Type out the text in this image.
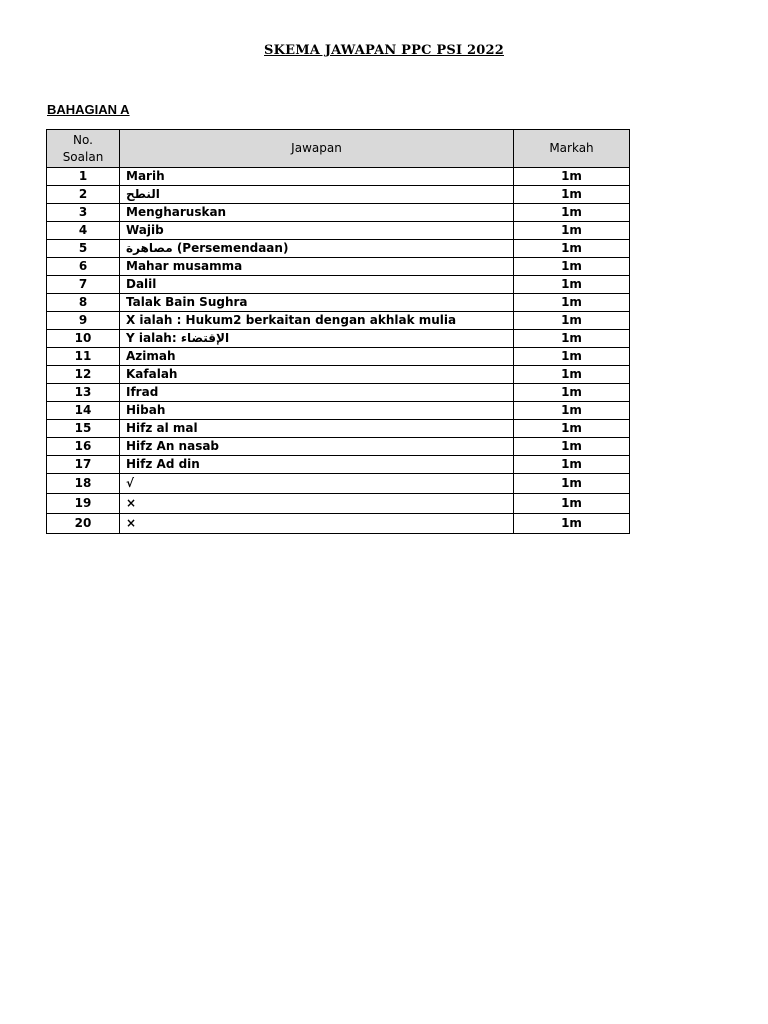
SKEMA JAWAPAN PPC PSI 2022
BAHAGIAN A
No.
Soalan	Jawapan	Markah
1	Marih	1m
2	النطح	1m
3	Mengharuskan	1m
4	Wajib	1m
5	مصاهرة (Persemendaan)	1m
6	Mahar musamma	1m
7	Dalil	1m
8	Talak Bain Sughra	1m
9	X ialah : Hukum2 berkaitan dengan akhlak mulia	1m
10	Y ialah: الإقتضاء	1m
11	Azimah	1m
12	Kafalah	1m
13	Ifrad	1m
14	Hibah	1m
15	Hifz al mal	1m
16	Hifz An nasab	1m
17	Hifz Ad din	1m
18	√	1m
19	×	1m
20	×	1m
